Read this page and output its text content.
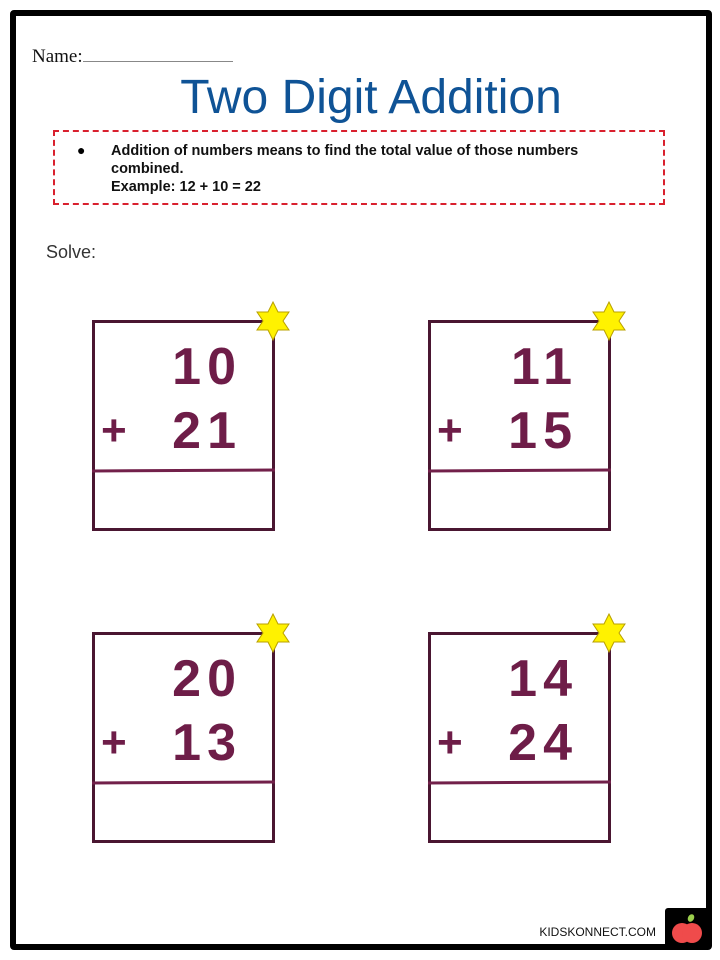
Name:
Two Digit Addition
● Addition of numbers means to find the total value of those numbers combined.
Example: 12 + 10 = 22
Solve:
10
+ 21
11
+ 15
20
+ 13
14
+ 24
KIDSKONNECT.COM
